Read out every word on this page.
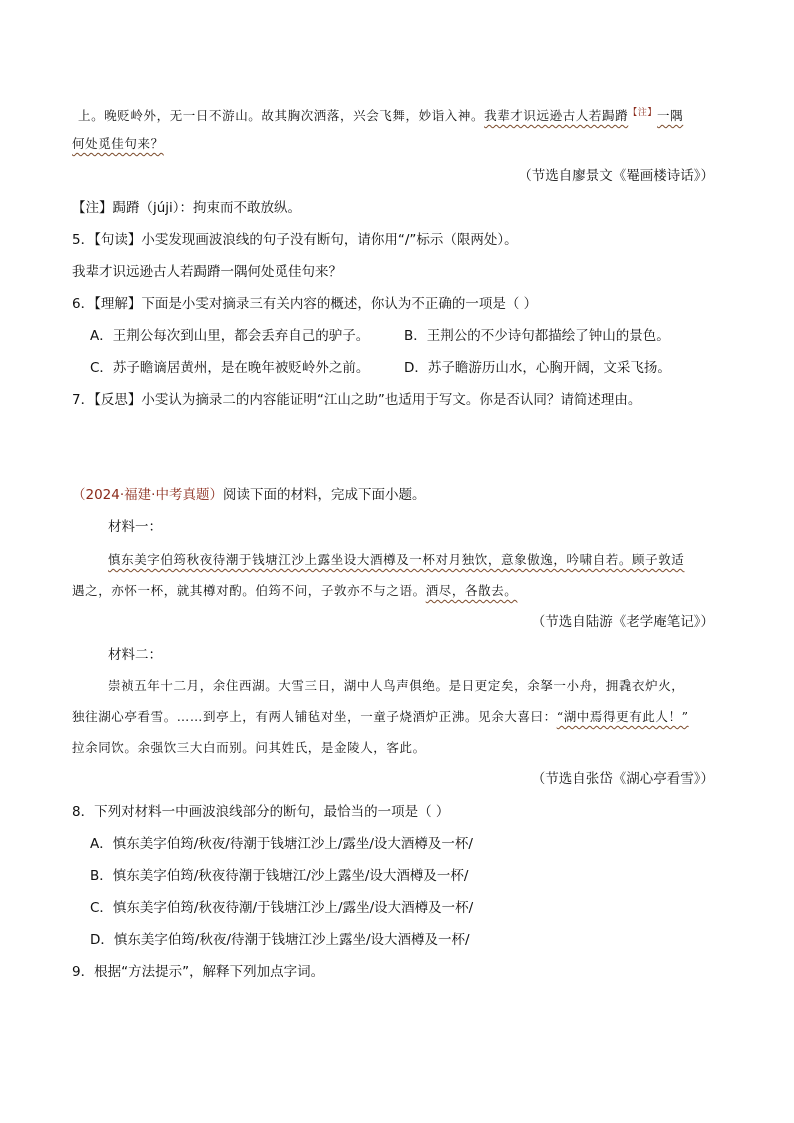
上。晚贬岭外，无一日不游山。故其胸次洒落，兴会飞舞，妙诣入神。我辈才识远逊古人若跼蹐$^{【注】}$一隅
何处觅佳句来？
（节选自廖景文《罨画楼诗话》）
【注】跼蹐（júji）：拘束而不敢放纵。
5．【句读】小雯发现画波浪线的句子没有断句，请你用“/”标示（限两处）。
我辈才识远逊古人若跼蹐一隅何处觅佳句来？
6．【理解】下面是小雯对摘录三有关内容的概述，你认为不正确的一项是（ ）
A．王荆公每次到山里，都会丢弃自己的驴子。	B．王荆公的不少诗句都描绘了钟山的景色。
C．苏子瞻谪居黄州，是在晚年被贬岭外之前。	D．苏子瞻游历山水，心胸开阔，文采飞扬。
7．【反思】小雯认为摘录二的内容能证明“江山之助”也适用于写文。你是否认同？请简述理由。
（2024·福建·中考真题）阅读下面的材料，完成下面小题。
材料一：
慎东美字伯筠秋夜待潮于钱塘江沙上露坐设大酒樽及一杯对月独饮，意象傲逸，吟啸自若。顾子敦适
遇之，亦怀一杯，就其樽对酌。伯筠不问，子敦亦不与之语。酒尽，各散去。
（节选自陆游《老学庵笔记》）
材料二：
崇祯五年十二月，余住西湖。大雪三日，湖中人鸟声俱绝。是日更定矣，余拏一小舟，拥毳衣炉火，
独往湖心亭看雪。……到亭上，有两人铺毡对坐，一童子烧酒炉正沸。见余大喜曰：“湖中焉得更有此人！”
拉余同饮。余强饮三大白而别。问其姓氏，是金陵人，客此。
（节选自张岱《湖心亭看雪》）
8．下列对材料一中画波浪线部分的断句，最恰当的一项是（ ）
A．慎东美字伯筠/秋夜/待潮于钱塘江沙上/露坐/设大酒樽及一杯/
B．慎东美字伯筠/秋夜待潮于钱塘江/沙上露坐/设大酒樽及一杯/
C．慎东美字伯筠/秋夜待潮/于钱塘江沙上/露坐/设大酒樽及一杯/
D．慎东美字伯筠/秋夜/待潮于钱塘江沙上露坐/设大酒樽及一杯/
9．根据“方法提示”，解释下列加点字词。
